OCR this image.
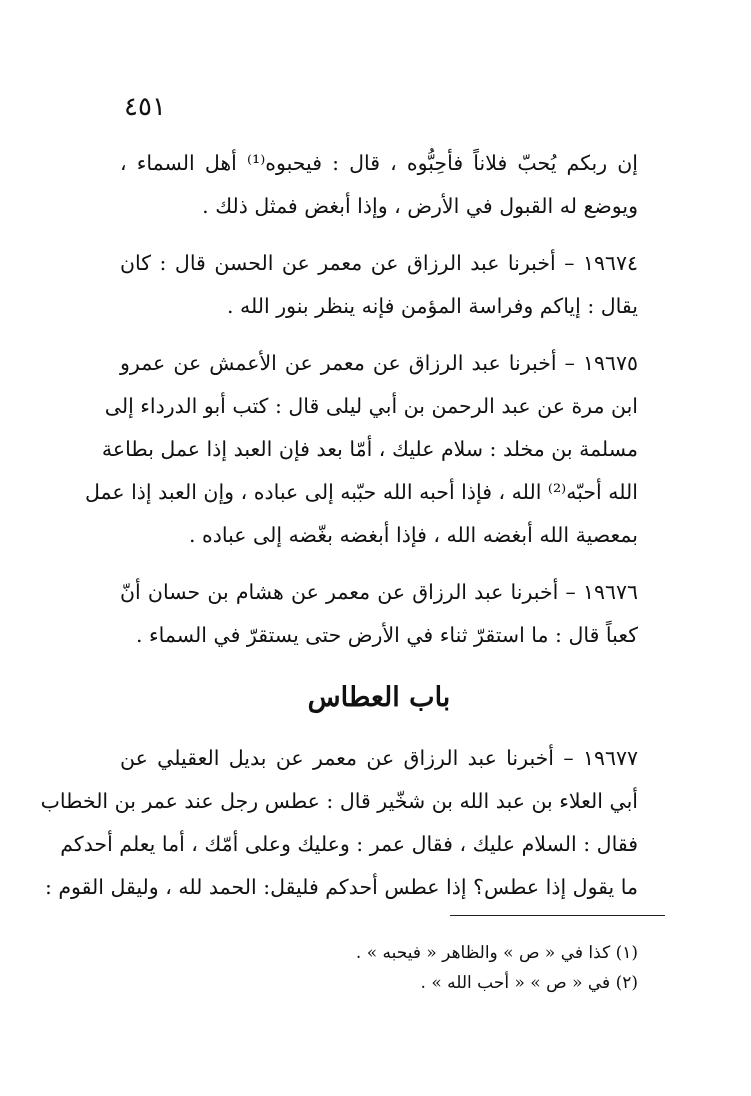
٤٥١
إن ربكم يُحبّ فلاناً فأحِبُّوه ، قال : فيحبوه⁽¹⁾ أهل السماء ،
ويوضع له القبول في الأرض ، وإذا أبغض فمثل ذلك .
١٩٦٧٤ – أخبرنا عبد الرزاق عن معمر عن الحسن قال : كان
يقال : إياكم وفراسة المؤمن فإنه ينظر بنور الله .
١٩٦٧٥ – أخبرنا عبد الرزاق عن معمر عن الأعمش عن عمرو
ابن مرة عن عبد الرحمن بن أبي ليلى قال : كتب أبو الدرداء إلى
مسلمة بن مخلد : سلام عليك ، أمّا بعد فإن العبد إذا عمل بطاعة
الله أحبّه⁽²⁾ الله ، فإذا أحبه الله حبّبه إلى عباده ، وإن العبد إذا عمل
بمعصية الله أبغضه الله ، فإذا أبغضه بغّضه إلى عباده .
١٩٦٧٦ – أخبرنا عبد الرزاق عن معمر عن هشام بن حسان أنّ
كعباً قال : ما استقرّ ثناء في الأرض حتى يستقرّ في السماء .
باب العطاس
١٩٦٧٧ – أخبرنا عبد الرزاق عن معمر عن بديل العقيلي عن
أبي العلاء بن عبد الله بن شخّير قال : عطس رجل عند عمر بن الخطاب
فقال : السلام عليك ، فقال عمر : وعليك وعلى أمّك ، أما يعلم أحدكم
ما يقول إذا عطس؟ إذا عطس أحدكم فليقل: الحمد لله ، وليقل القوم :
(١) كذا في « ص » والظاهر « فيحبه » .
(٢) في « ص » « أحب الله » .
